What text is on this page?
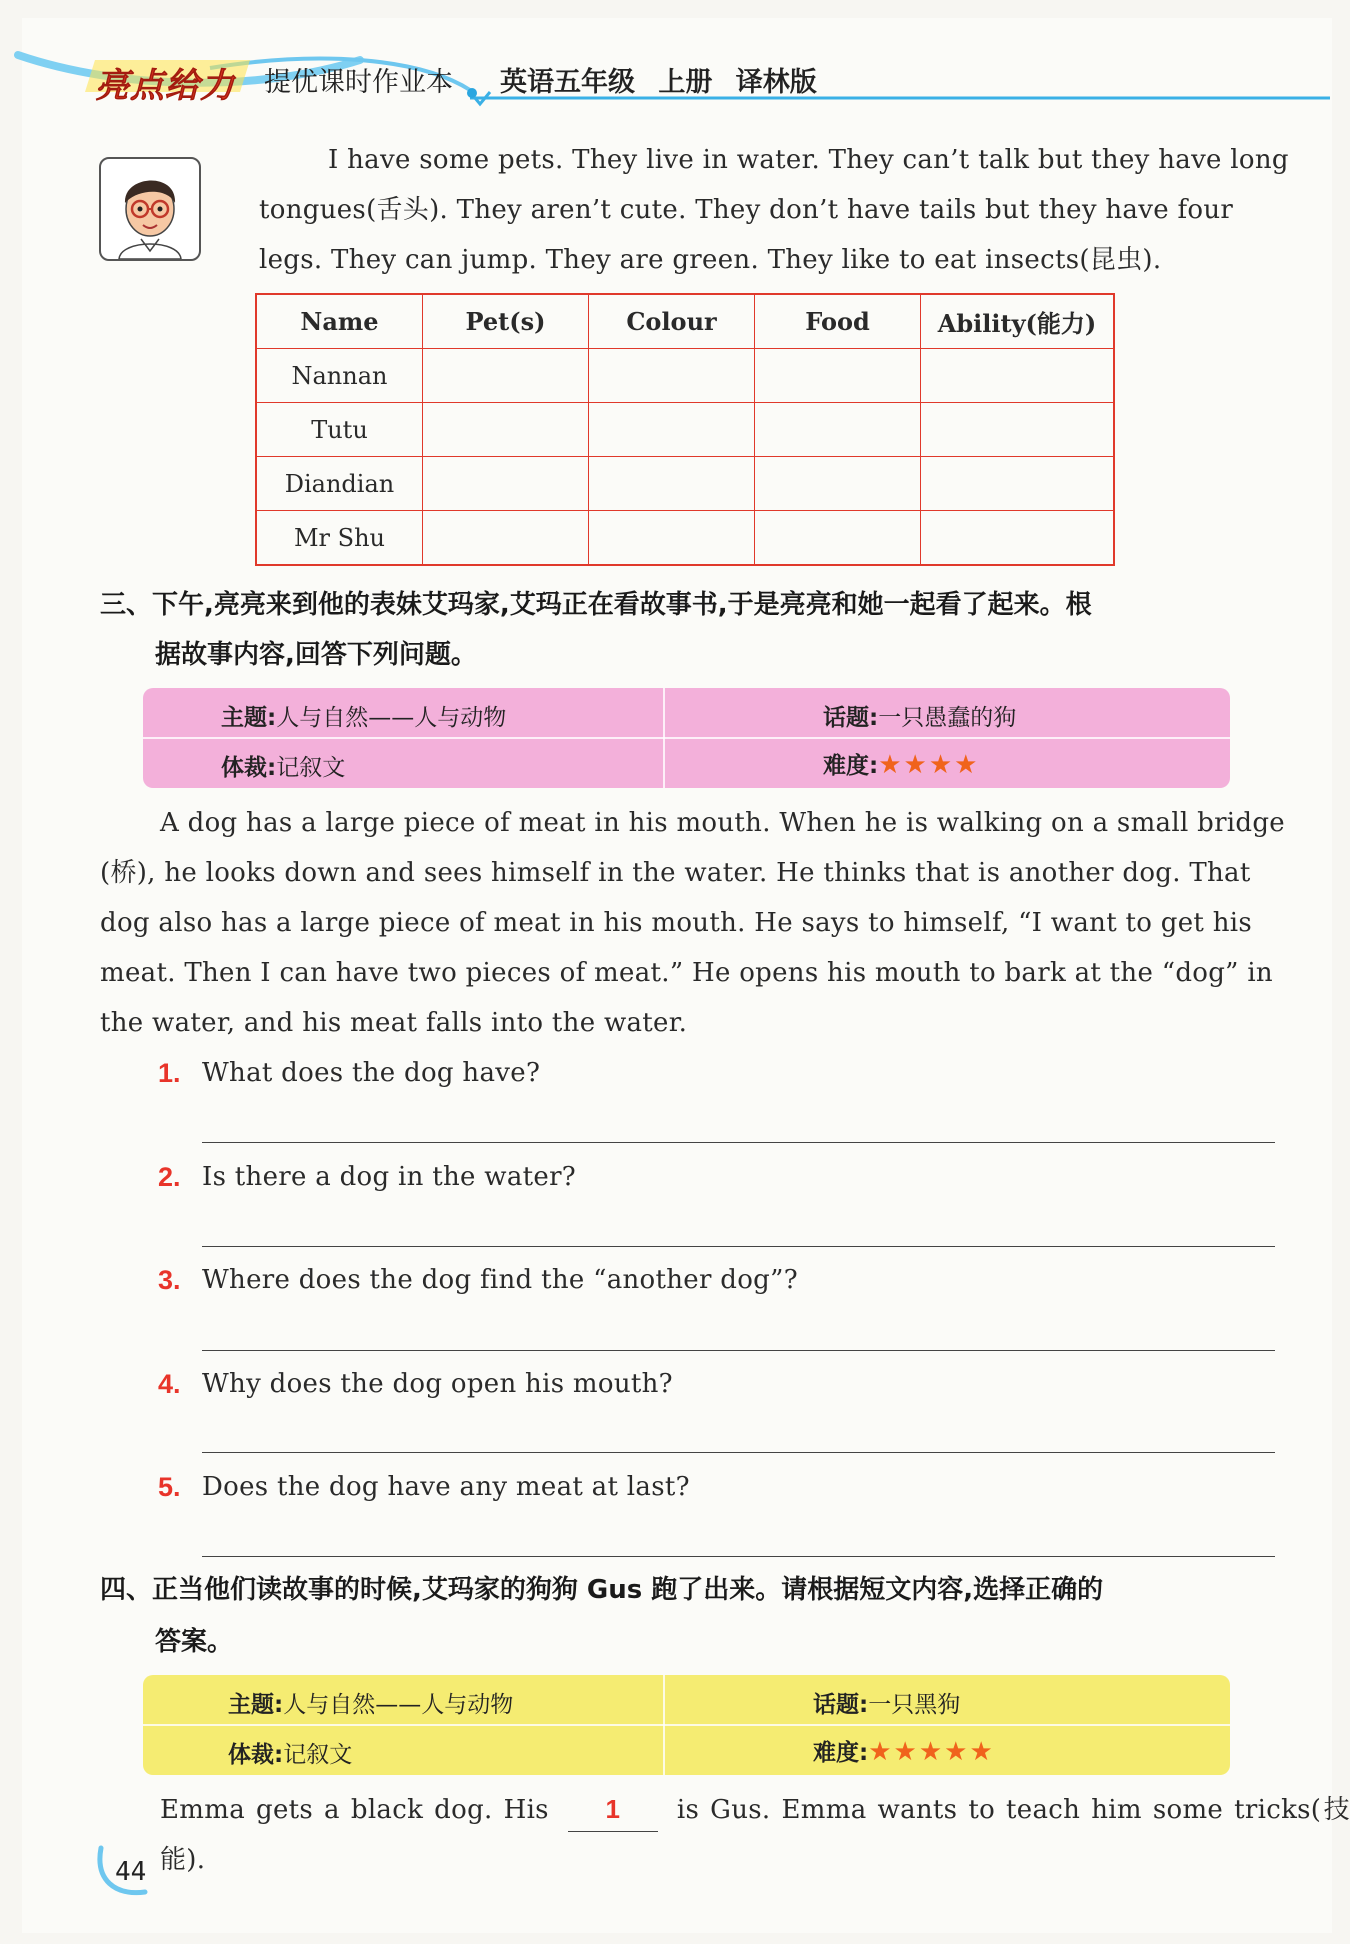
亮点给力 提优课时作业本 英语五年级 上册 译林版
I have some pets. They live in water. They can’t talk but they have long
tongues(舌头). They aren’t cute. They don’t have tails but they have four
legs. They can jump. They are green. They like to eat insects(昆虫).
Name	Pet(s)	Colour	Food	Ability(能力)
Nannan				
Tutu				
Diandian				
Mr Shu				
三、下午,亮亮来到他的表妹艾玛家,艾玛正在看故事书,于是亮亮和她一起看了起来。根
据故事内容,回答下列问题。
主题:人与自然——人与动物	话题:一只愚蠢的狗
体裁:记叙文	难度:★★★★
A dog has a large piece of meat in his mouth. When he is walking on a small bridge
(桥), he looks down and sees himself in the water. He thinks that is another dog. That
dog also has a large piece of meat in his mouth. He says to himself, “I want to get his
meat. Then I can have two pieces of meat.” He opens his mouth to bark at the “dog” in
the water, and his meat falls into the water.
1. What does the dog have?
2. Is there a dog in the water?
3. Where does the dog find the “another dog”?
4. Why does the dog open his mouth?
5. Does the dog have any meat at last?
四、正当他们读故事的时候,艾玛家的狗狗 Gus 跑了出来。请根据短文内容,选择正确的
答案。
主题:人与自然——人与动物	话题:一只黑狗
体裁:记叙文	难度:★★★★★
Emma gets a black dog. His 1 is Gus. Emma wants to teach him some tricks(技能).
44
